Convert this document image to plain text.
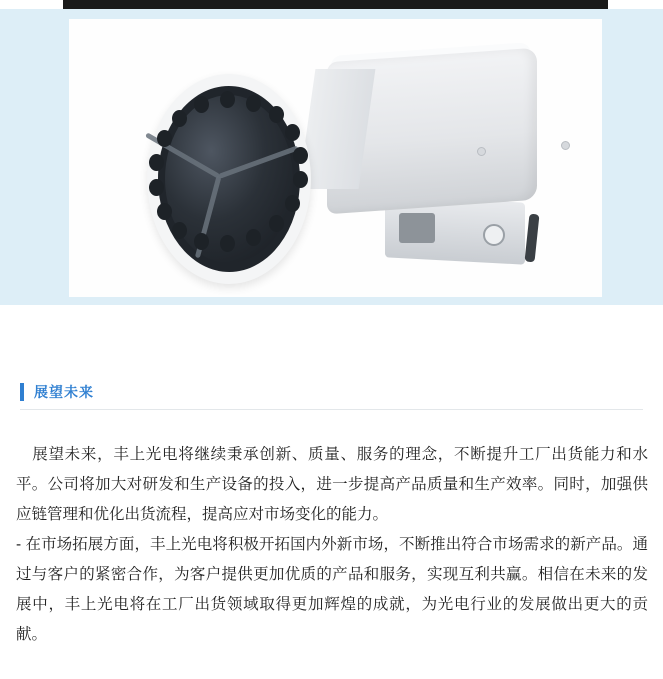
展望未来

　展望未来，丰上光电将继续秉承创新、质量、服务的理念，不断提升工厂出货能力和水平。公司将加大对研发和生产设备的投入，进一步提高产品质量和生产效率。同时，加强供应链管理和优化出货流程，提高应对市场变化的能力。

- 在市场拓展方面，丰上光电将积极开拓国内外新市场，不断推出符合市场需求的新产品。通过与客户的紧密合作，为客户提供更加优质的产品和服务，实现互利共赢。相信在未来的发展中，丰上光电将在工厂出货领域取得更加辉煌的成就，为光电行业的发展做出更大的贡献。
